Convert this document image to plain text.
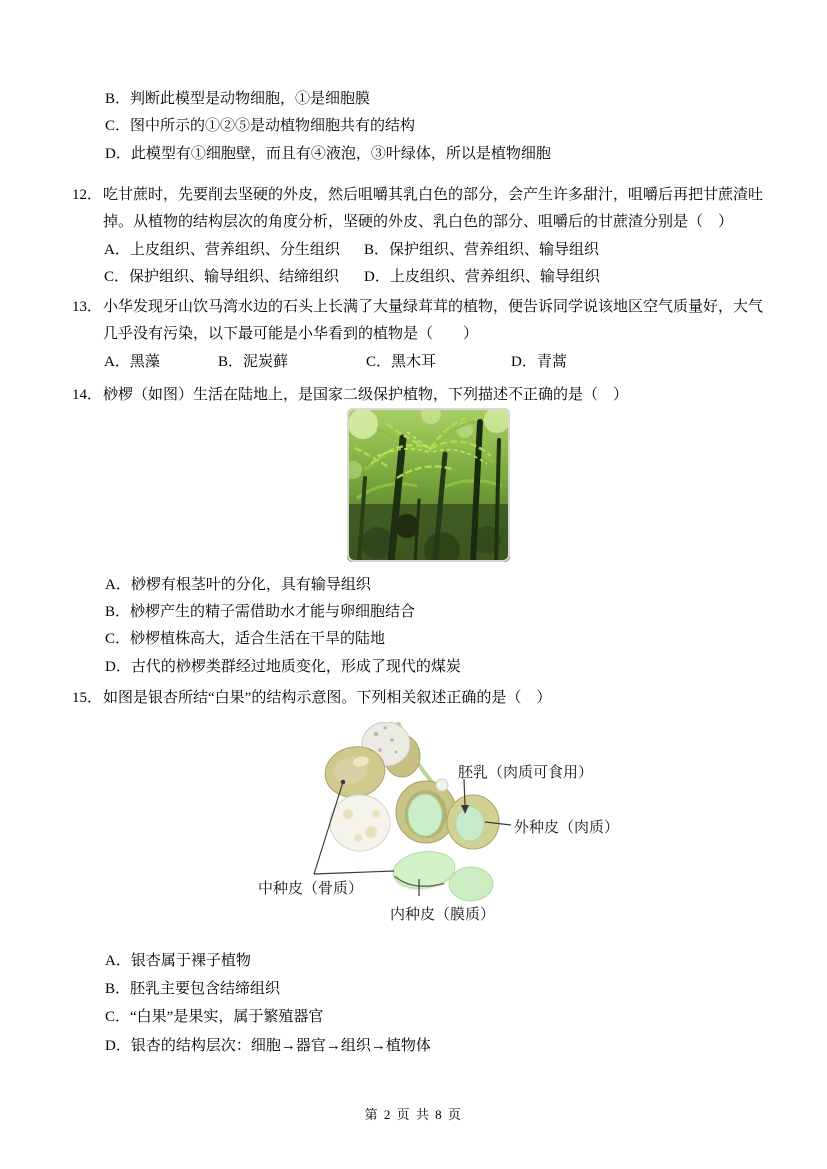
B．判断此模型是动物细胞，①是细胞膜
C．图中所示的①②⑤是动植物细胞共有的结构
D．此模型有①细胞壁，而且有④液泡，③叶绿体，所以是植物细胞
12． 吃甘蔗时，先要削去坚硬的外皮，然后咀嚼其乳白色的部分，会产生许多甜汁，咀嚼后再把甘蔗渣吐
掉。从植物的结构层次的角度分析，坚硬的外皮、乳白色的部分、咀嚼后的甘蔗渣分别是（　）
A．上皮组织、营养组织、分生组织 B．保护组织、营养组织、输导组织
C．保护组织、输导组织、结缔组织 D．上皮组织、营养组织、输导组织
13． 小华发现牙山饮马湾水边的石头上长满了大量绿茸茸的植物，便告诉同学说该地区空气质量好，大气
几乎没有污染，以下最可能是小华看到的植物是（　　）
A．黑藻	B．泥炭藓	C．黑木耳	D．青蒿
14． 桫椤（如图）生活在陆地上，是国家二级保护植物，下列描述不正确的是（　）
A．桫椤有根茎叶的分化，具有输导组织
B．桫椤产生的精子需借助水才能与卵细胞结合
C．桫椤植株高大，适合生活在干旱的陆地
D．古代的桫椤类群经过地质变化，形成了现代的煤炭
15． 如图是银杏所结“白果”的结构示意图。下列相关叙述正确的是（　）
胚乳（肉质可食用）
外种皮（肉质）
中种皮（骨质）
内种皮（膜质）
A．银杏属于裸子植物
B．胚乳主要包含结缔组织
C．“白果”是果实，属于繁殖器官
D．银杏的结构层次：细胞→器官→组织→植物体
第 2 页 共 8 页
